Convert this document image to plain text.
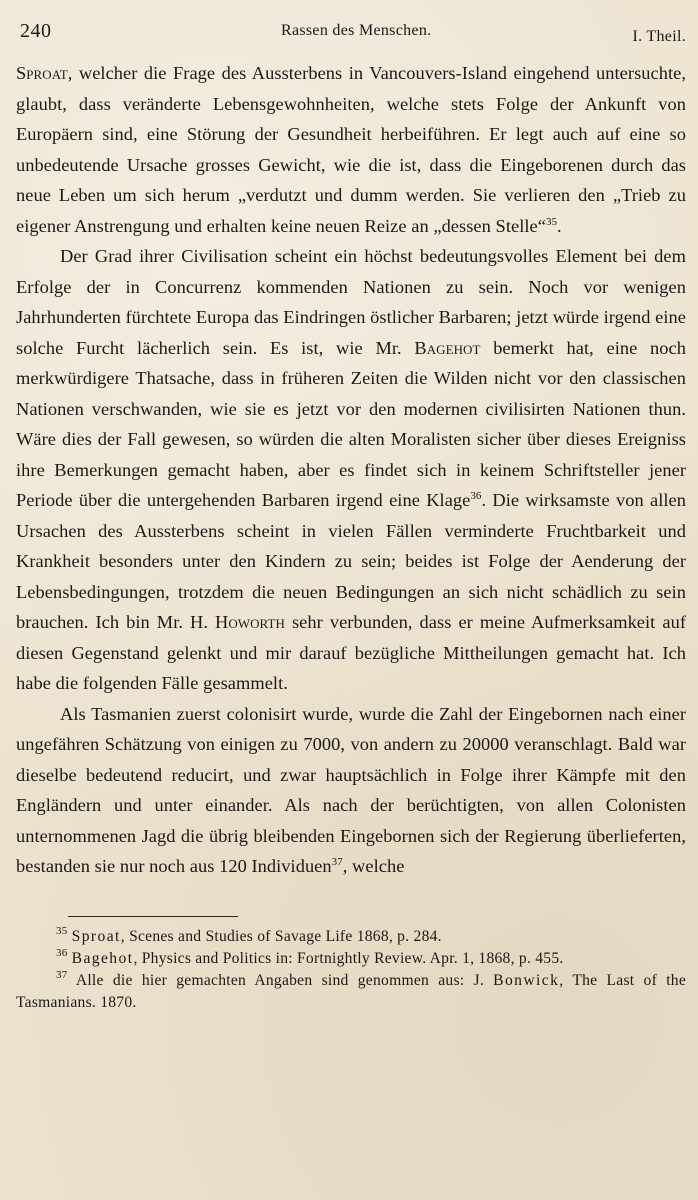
240	Rassen des Menschen.	I. Theil.

Sproat, welcher die Frage des Aussterbens in Vancouvers-Island eingehend untersuchte, glaubt, dass veränderte Lebensgewohnheiten, welche stets Folge der Ankunft von Europäern sind, eine Störung der Gesundheit herbeiführen. Er legt auch auf eine so unbedeutende Ursache grosses Gewicht, wie die ist, dass die Eingeborenen durch das neue Leben um sich herum „verdutzt und dumm werden. Sie verlieren den „Trieb zu eigener Anstrengung und erhalten keine neuen Reize an „dessen Stelle“$^{35}$.

Der Grad ihrer Civilisation scheint ein höchst bedeutungsvolles Element bei dem Erfolge der in Concurrenz kommenden Nationen zu sein. Noch vor wenigen Jahrhunderten fürchtete Europa das Eindringen östlicher Barbaren; jetzt würde irgend eine solche Furcht lächerlich sein. Es ist, wie Mr. Bagehot bemerkt hat, eine noch merkwürdigere Thatsache, dass in früheren Zeiten die Wilden nicht vor den classischen Nationen verschwanden, wie sie es jetzt vor den modernen civilisirten Nationen thun. Wäre dies der Fall gewesen, so würden die alten Moralisten sicher über dieses Ereigniss ihre Bemerkungen gemacht haben, aber es findet sich in keinem Schriftsteller jener Periode über die untergehenden Barbaren irgend eine Klage$^{36}$. Die wirksamste von allen Ursachen des Aussterbens scheint in vielen Fällen verminderte Fruchtbarkeit und Krankheit besonders unter den Kindern zu sein; beides ist Folge der Aenderung der Lebensbedingungen, trotzdem die neuen Bedingungen an sich nicht schädlich zu sein brauchen. Ich bin Mr. H. Howorth sehr verbunden, dass er meine Aufmerksamkeit auf diesen Gegenstand gelenkt und mir darauf bezügliche Mittheilungen gemacht hat. Ich habe die folgenden Fälle gesammelt.

Als Tasmanien zuerst colonisirt wurde, wurde die Zahl der Eingebornen nach einer ungefähren Schätzung von einigen zu 7000, von andern zu 20000 veranschlagt. Bald war dieselbe bedeutend reducirt, und zwar hauptsächlich in Folge ihrer Kämpfe mit den Engländern und unter einander. Als nach der berüchtigten, von allen Colonisten unternommenen Jagd die übrig bleibenden Eingebornen sich der Regierung überlieferten, bestanden sie nur noch aus 120 Individuen$^{37}$, welche

$^{35}$ Sproat, Scenes and Studies of Savage Life 1868, p. 284.

$^{36}$ Bagehot, Physics and Politics in: Fortnightly Review. Apr. 1, 1868, p. 455.

$^{37}$ Alle die hier gemachten Angaben sind genommen aus: J. Bonwick, The Last of the Tasmanians. 1870.
